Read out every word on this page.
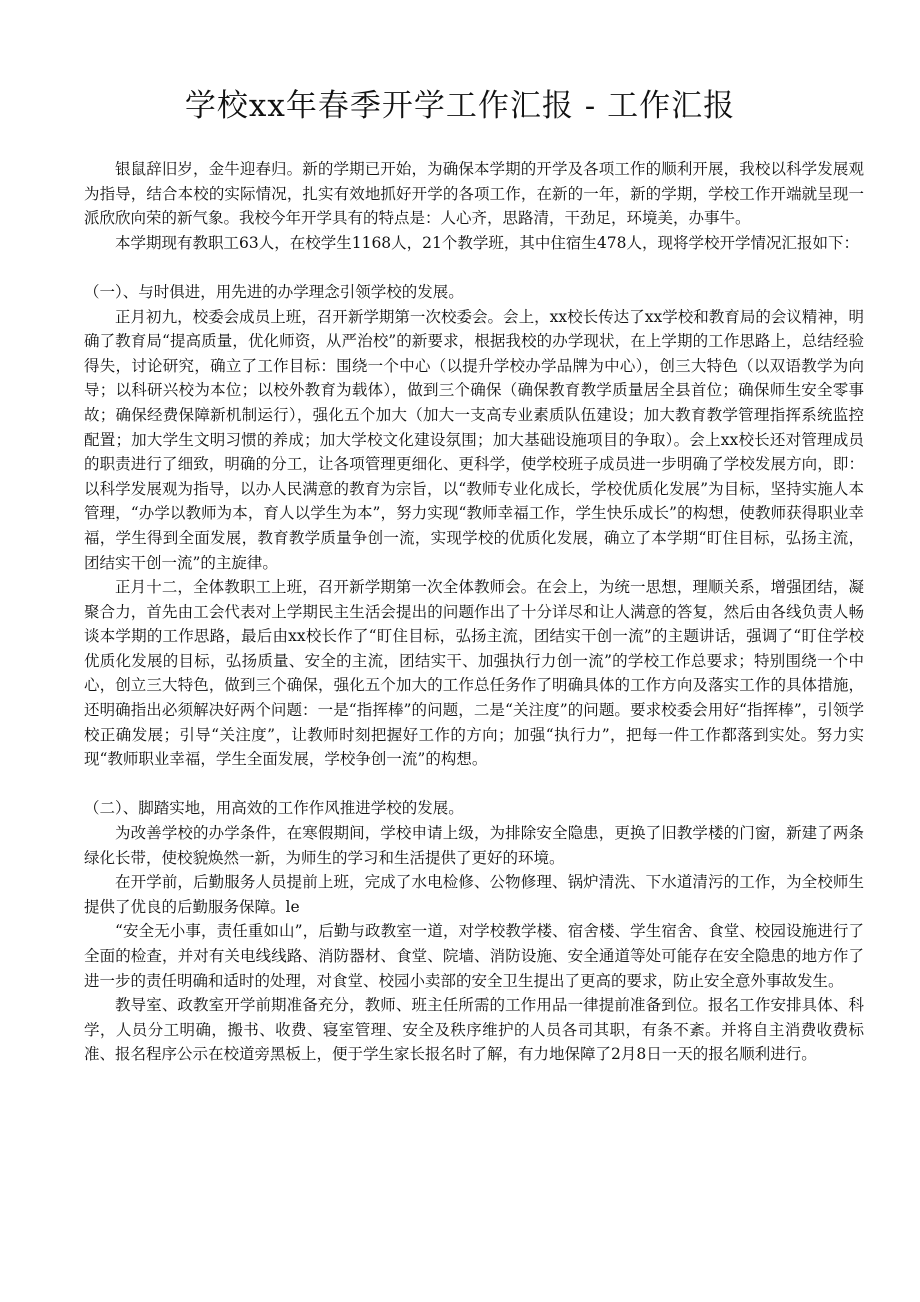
学校xx年春季开学工作汇报 - 工作汇报

银鼠辞旧岁，金牛迎春归。新的学期已开始，为确保本学期的开学及各项工作的顺利开展，我校以科学发展观为指导，结合本校的实际情况，扎实有效地抓好开学的各项工作，在新的一年，新的学期，学校工作开端就呈现一派欣欣向荣的新气象。我校今年开学具有的特点是：人心齐，思路清，干劲足，环境美，办事牛。

本学期现有教职工63人，在校学生1168人，21个教学班，其中住宿生478人，现将学校开学情况汇报如下：

（一）、与时俱进，用先进的办学理念引领学校的发展。

正月初九，校委会成员上班，召开新学期第一次校委会。会上，xx校长传达了xx学校和教育局的会议精神，明确了教育局“提高质量，优化师资，从严治校”的新要求，根据我校的办学现状，在上学期的工作思路上，总结经验得失，讨论研究，确立了工作目标：围绕一个中心（以提升学校办学品牌为中心），创三大特色（以双语教学为向导；以科研兴校为本位；以校外教育为载体），做到三个确保（确保教育教学质量居全县首位；确保师生安全零事故；确保经费保障新机制运行），强化五个加大（加大一支高专业素质队伍建设；加大教育教学管理指挥系统监控配置；加大学生文明习惯的养成；加大学校文化建设氛围；加大基础设施项目的争取）。会上xx校长还对管理成员的职责进行了细致，明确的分工，让各项管理更细化、更科学，使学校班子成员进一步明确了学校发展方向，即：以科学发展观为指导，以办人民满意的教育为宗旨，以“教师专业化成长，学校优质化发展”为目标，坚持实施人本管理，“办学以教师为本，育人以学生为本”，努力实现“教师幸福工作，学生快乐成长”的构想，使教师获得职业幸福，学生得到全面发展，教育教学质量争创一流，实现学校的优质化发展，确立了本学期“盯住目标，弘扬主流，团结实干创一流”的主旋律。

正月十二，全体教职工上班，召开新学期第一次全体教师会。在会上，为统一思想，理顺关系，增强团结，凝聚合力，首先由工会代表对上学期民主生活会提出的问题作出了十分详尽和让人满意的答复，然后由各线负责人畅谈本学期的工作思路，最后由xx校长作了“盯住目标，弘扬主流，团结实干创一流”的主题讲话，强调了“盯住学校优质化发展的目标，弘扬质量、安全的主流，团结实干、加强执行力创一流”的学校工作总要求；特别围绕一个中心，创立三大特色，做到三个确保，强化五个加大的工作总任务作了明确具体的工作方向及落实工作的具体措施，还明确指出必须解决好两个问题：一是“指挥棒”的问题，二是“关注度”的问题。要求校委会用好“指挥棒”，引领学校正确发展；引导“关注度”，让教师时刻把握好工作的方向；加强“执行力”，把每一件工作都落到实处。努力实现“教师职业幸福，学生全面发展，学校争创一流”的构想。

（二）、脚踏实地，用高效的工作作风推进学校的发展。

为改善学校的办学条件，在寒假期间，学校申请上级，为排除安全隐患，更换了旧教学楼的门窗，新建了两条绿化长带，使校貌焕然一新，为师生的学习和生活提供了更好的环境。

在开学前，后勤服务人员提前上班，完成了水电检修、公物修理、锅炉清洗、下水道清污的工作，为全校师生提供了优良的后勤服务保障。le

“安全无小事，责任重如山”，后勤与政教室一道，对学校教学楼、宿舍楼、学生宿舍、食堂、校园设施进行了全面的检查，并对有关电线线路、消防器材、食堂、院墙、消防设施、安全通道等处可能存在安全隐患的地方作了进一步的责任明确和适时的处理，对食堂、校园小卖部的安全卫生提出了更高的要求，防止安全意外事故发生。

教导室、政教室开学前期准备充分，教师、班主任所需的工作用品一律提前准备到位。报名工作安排具体、科学，人员分工明确，搬书、收费、寝室管理、安全及秩序维护的人员各司其职，有条不紊。并将自主消费收费标准、报名程序公示在校道旁黑板上，便于学生家长报名时了解，有力地保障了2月8日一天的报名顺利进行。
